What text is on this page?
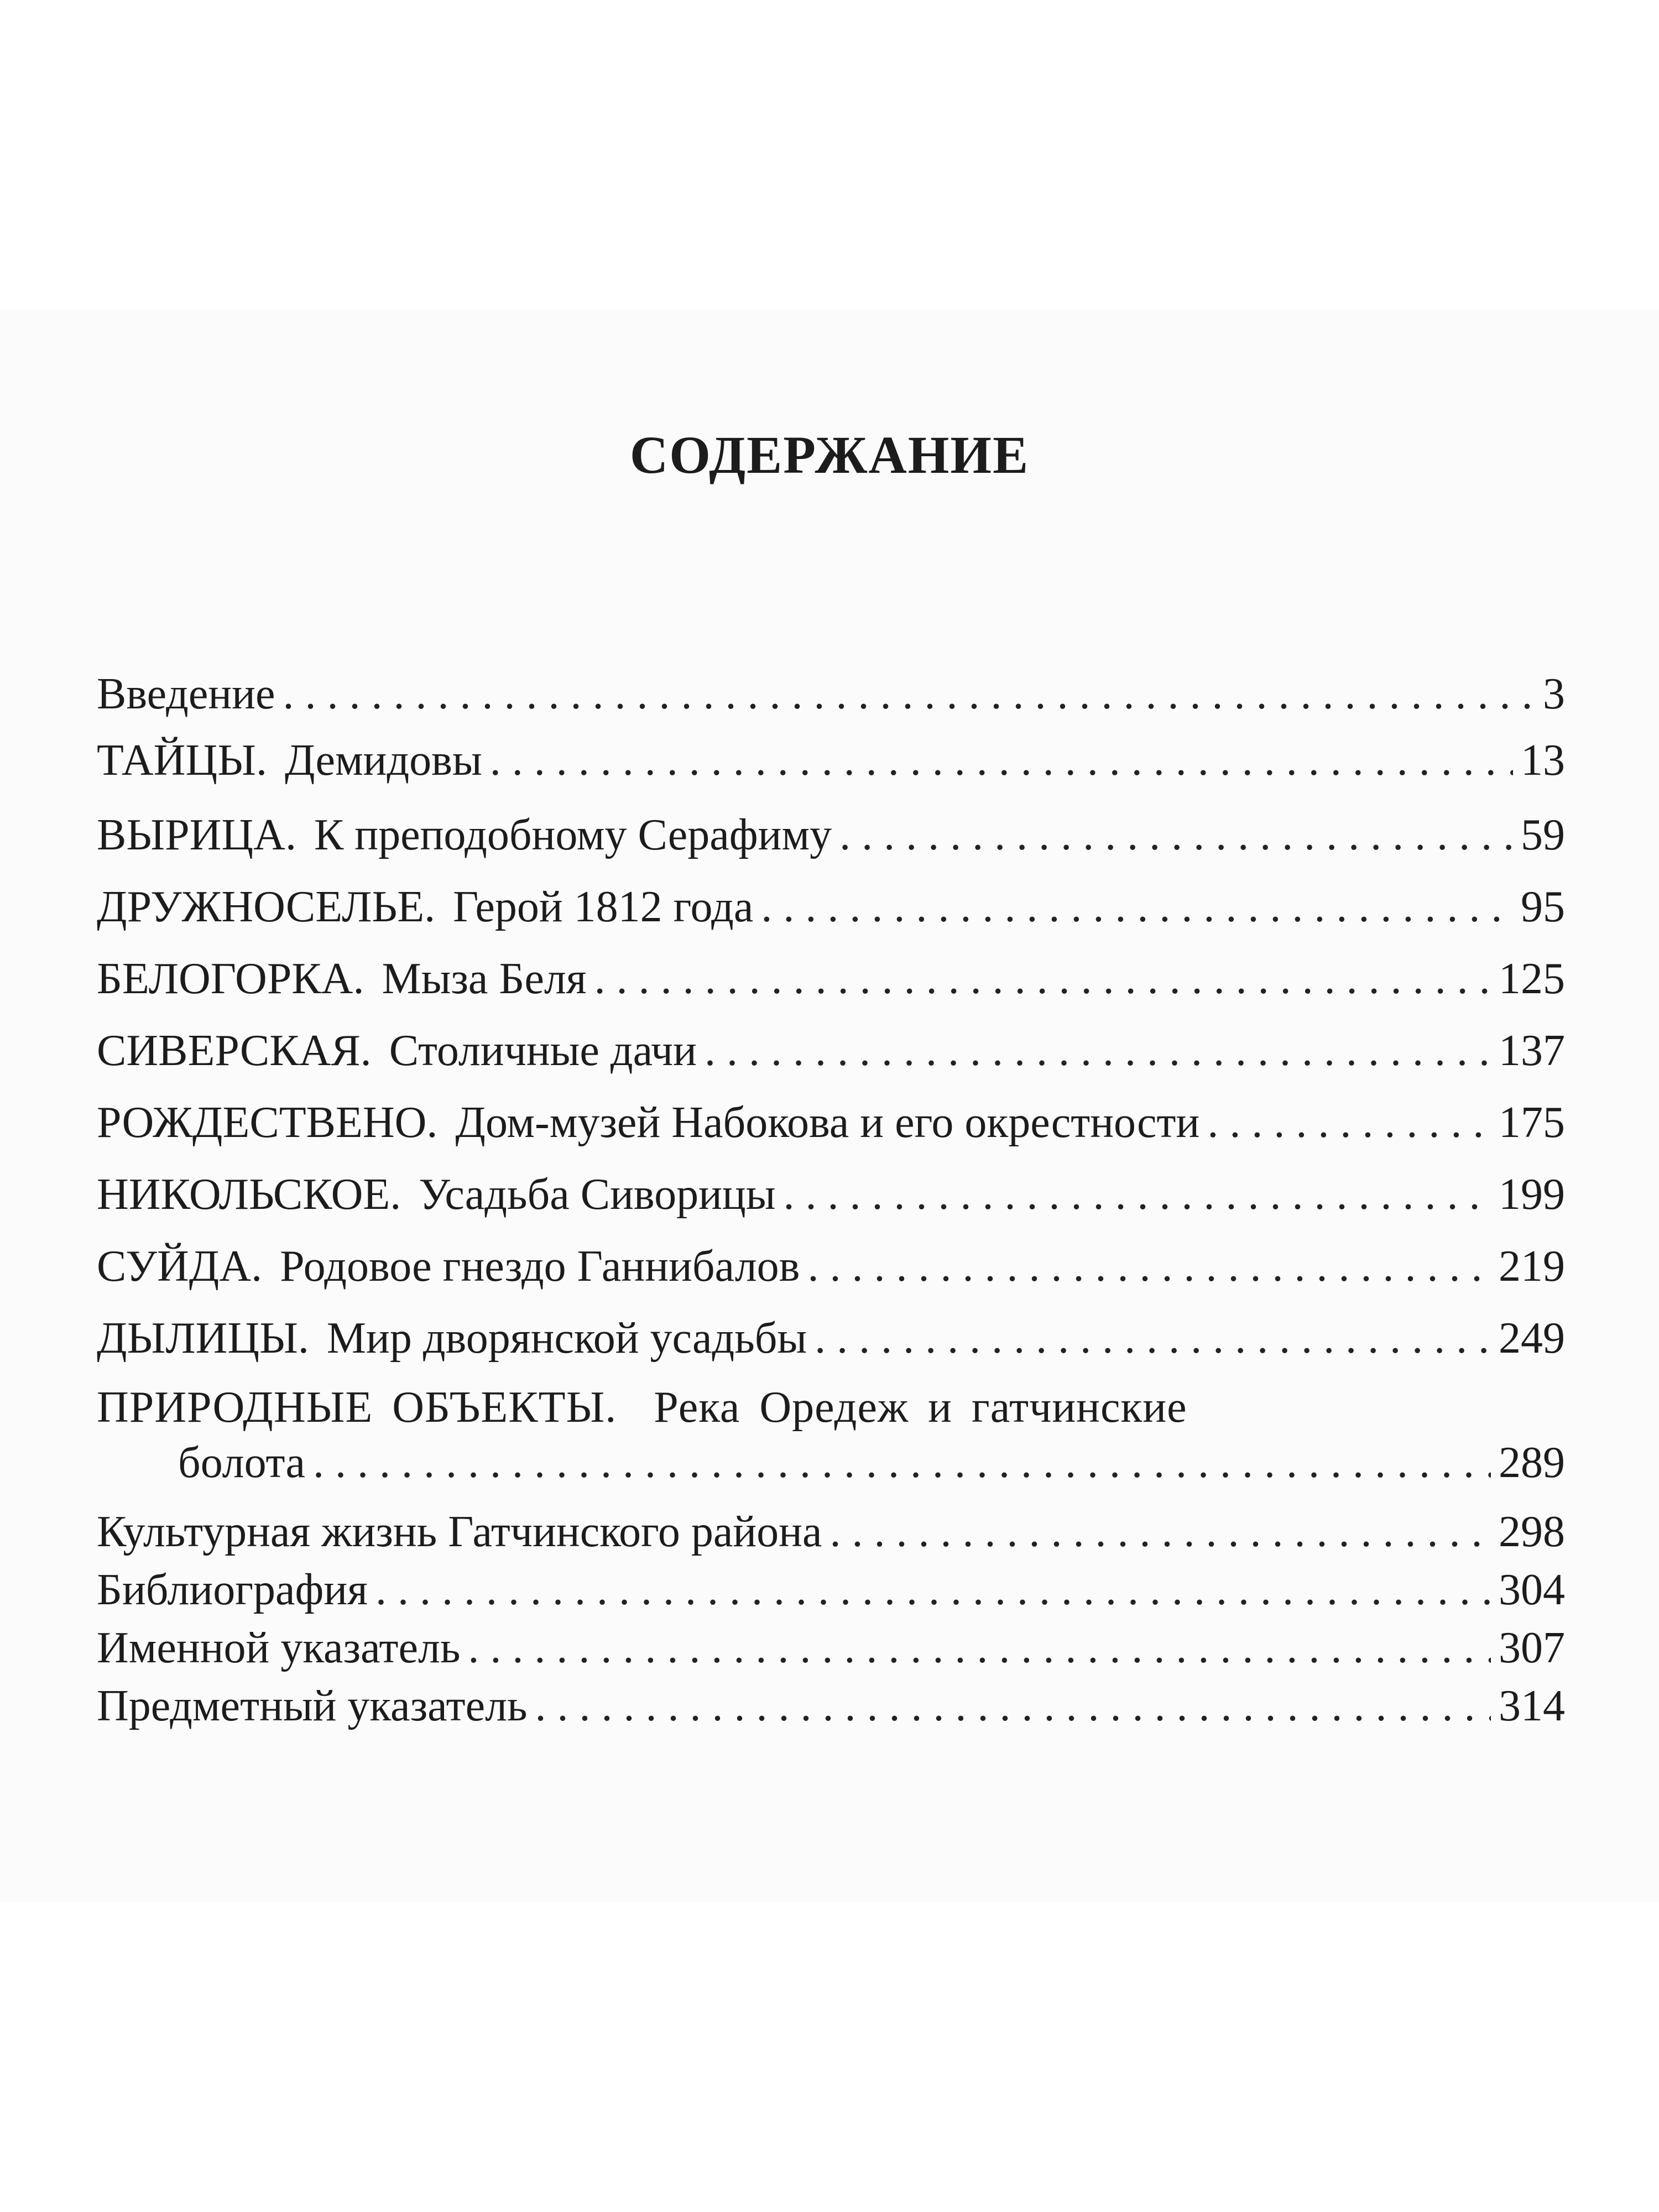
СОДЕРЖАНИЕ
Введение . . .	3
ТАЙЦЫ. Демидовы . . .	13
ВЫРИЦА. К преподобному Серафиму . . .	59
ДРУЖНОСЕЛЬЕ. Герой 1812 года . . .	95
БЕЛОГОРКА. Мыза Беля . . .	125
СИВЕРСКАЯ. Столичные дачи . . .	137
РОЖДЕСТВЕНО. Дом-музей Набокова и его окрестности . . .	175
НИКОЛЬСКОЕ. Усадьба Сиворицы . . .	199
СУЙДА. Родовое гнездо Ганнибалов . . .	219
ДЫЛИЦЫ. Мир дворянской усадьбы . . .	249
ПРИРОДНЫЕ ОБЪЕКТЫ. Река Оредеж и гатчинские
болота . . .	289
Культурная жизнь Гатчинского района . . .	298
Библиография . . .	304
Именной указатель . . .	307
Предметный указатель . . .	314
